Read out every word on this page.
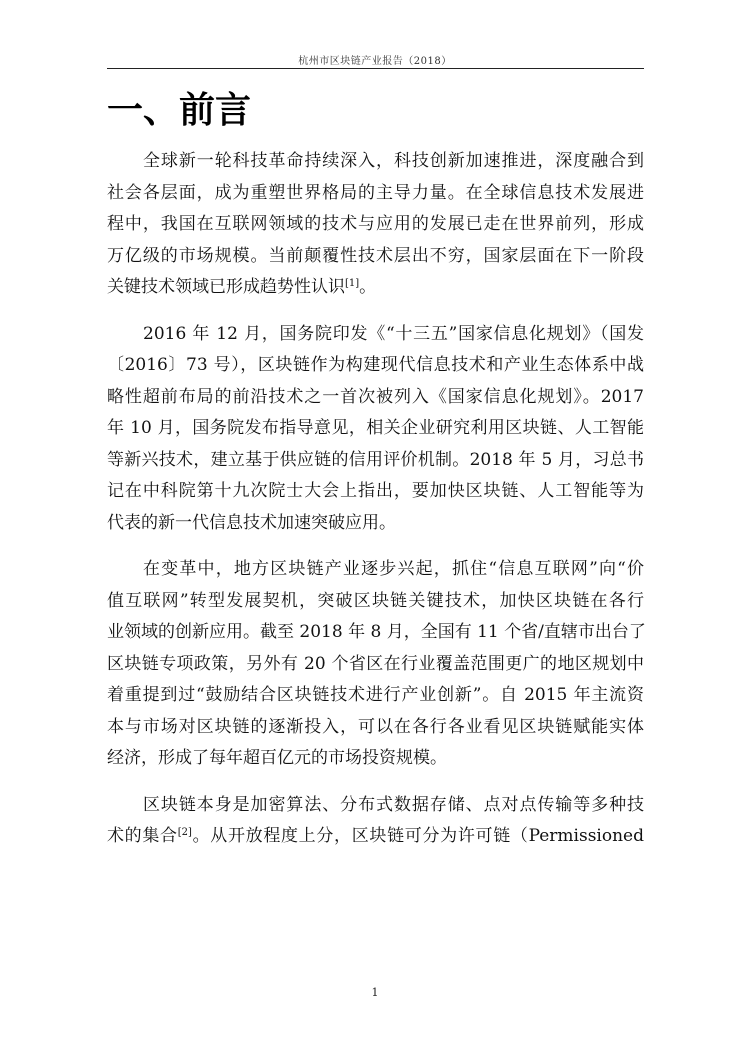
杭州市区块链产业报告（2018）
一、前言

全球新一轮科技革命持续深入，科技创新加速推进，深度融合到
社会各层面，成为重塑世界格局的主导力量。在全球信息技术发展进
程中，我国在互联网领域的技术与应用的发展已走在世界前列，形成
万亿级的市场规模。当前颠覆性技术层出不穷，国家层面在下一阶段
关键技术领域已形成趋势性认识[1]。

2016 年 12 月，国务院印发《“十三五”国家信息化规划》（国发
〔2016〕73 号），区块链作为构建现代信息技术和产业生态体系中战
略性超前布局的前沿技术之一首次被列入《国家信息化规划》。2017
年 10 月，国务院发布指导意见，相关企业研究利用区块链、人工智能
等新兴技术，建立基于供应链的信用评价机制。2018 年 5 月，习总书
记在中科院第十九次院士大会上指出，要加快区块链、人工智能等为
代表的新一代信息技术加速突破应用。

在变革中，地方区块链产业逐步兴起，抓住“信息互联网”向“价
值互联网”转型发展契机，突破区块链关键技术，加快区块链在各行
业领域的创新应用。截至 2018 年 8 月，全国有 11 个省/直辖市出台了
区块链专项政策，另外有 20 个省区在行业覆盖范围更广的地区规划中
着重提到过“鼓励结合区块链技术进行产业创新”。自 2015 年主流资
本与市场对区块链的逐渐投入，可以在各行各业看见区块链赋能实体
经济，形成了每年超百亿元的市场投资规模。

区块链本身是加密算法、分布式数据存储、点对点传输等多种技
术的集合[2]。从开放程度上分，区块链可分为许可链（Permissioned

1
